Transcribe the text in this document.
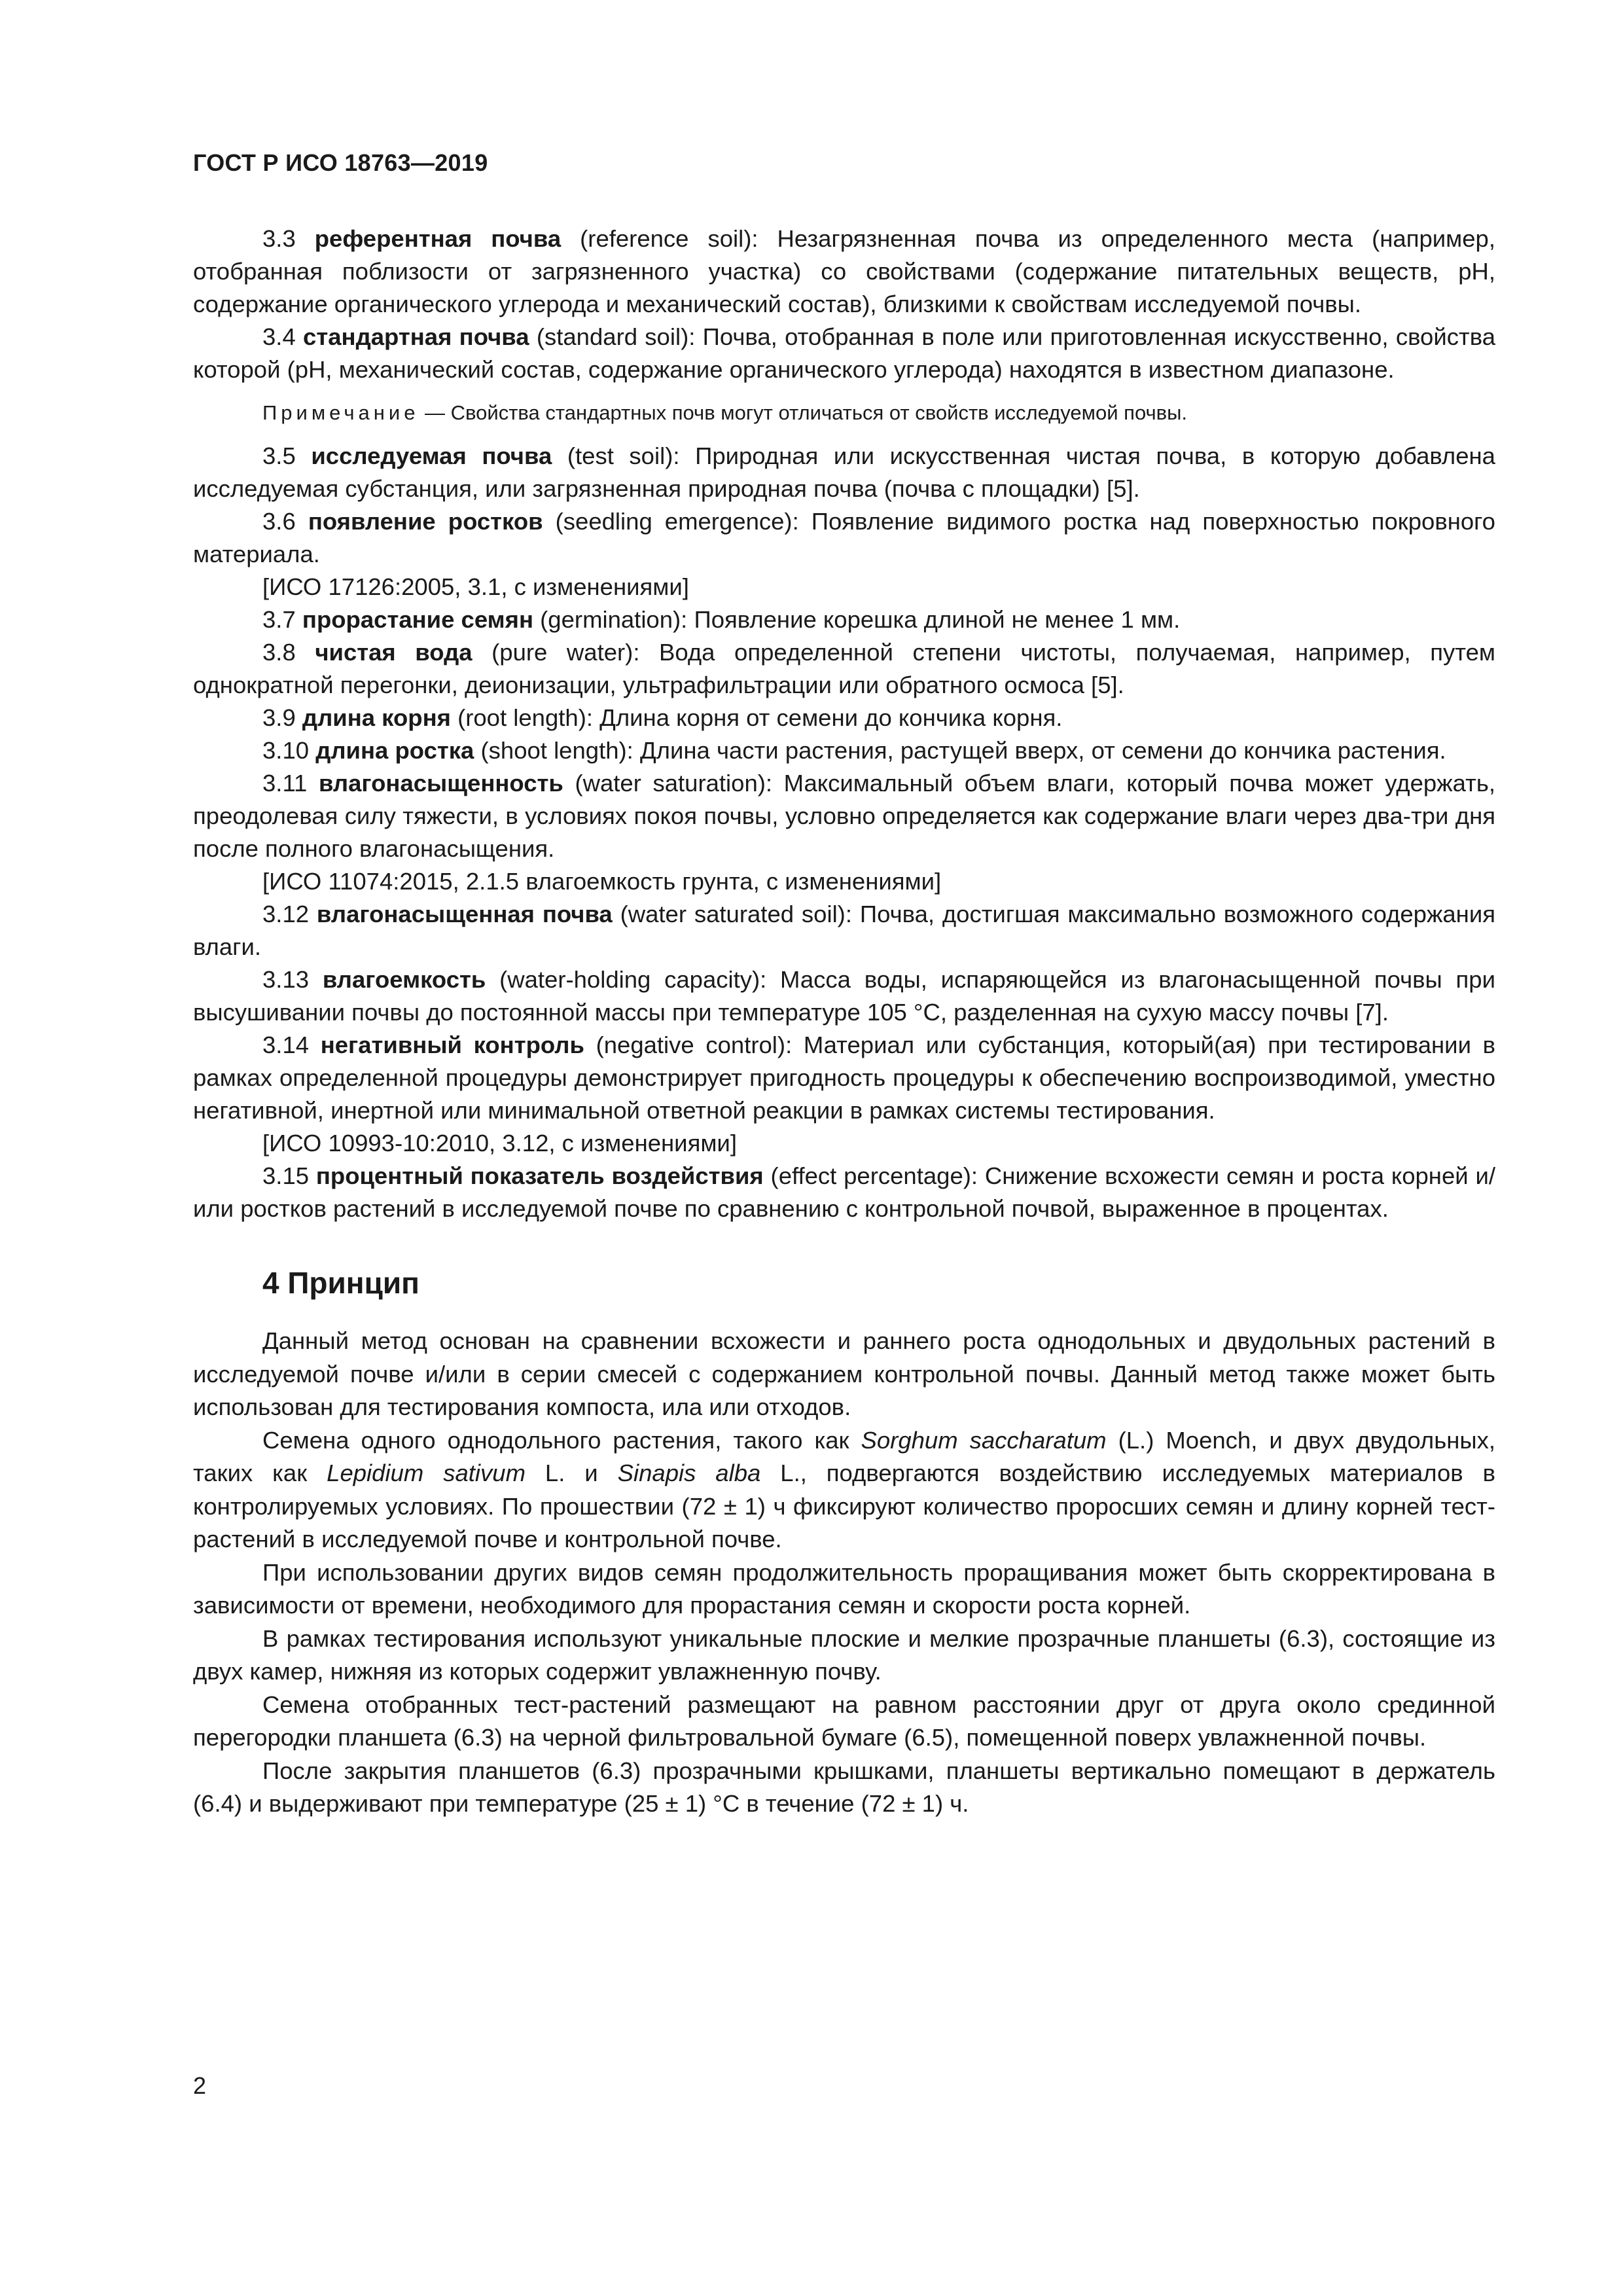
ГОСТ Р ИСО 18763—2019

3.3 референтная почва (reference soil): Незагрязненная почва из определенного места (например, отобранная поблизости от загрязненного участка) со свойствами (содержание питательных веществ, pH, содержание органического углерода и механический состав), близкими к свойствам исследуемой почвы.

3.4 стандартная почва (standard soil): Почва, отобранная в поле или приготовленная искусственно, свойства которой (pH, механический состав, содержание органического углерода) находятся в известном диапазоне.

Примечание — Свойства стандартных почв могут отличаться от свойств исследуемой почвы.

3.5 исследуемая почва (test soil): Природная или искусственная чистая почва, в которую добавлена исследуемая субстанция, или загрязненная природная почва (почва с площадки) [5].

3.6 появление ростков (seedling emergence): Появление видимого ростка над поверхностью покровного материала.

[ИСО 17126:2005, 3.1, с изменениями]

3.7 прорастание семян (germination): Появление корешка длиной не менее 1 мм.

3.8 чистая вода (pure water): Вода определенной степени чистоты, получаемая, например, путем однократной перегонки, деионизации, ультрафильтрации или обратного осмоса [5].

3.9 длина корня (root length): Длина корня от семени до кончика корня.

3.10 длина ростка (shoot length): Длина части растения, растущей вверх, от семени до кончика растения.

3.11 влагонасыщенность (water saturation): Максимальный объем влаги, который почва может удержать, преодолевая силу тяжести, в условиях покоя почвы, условно определяется как содержание влаги через два-три дня после полного влагонасыщения.

[ИСО 11074:2015, 2.1.5 влагоемкость грунта, с изменениями]

3.12 влагонасыщенная почва (water saturated soil): Почва, достигшая максимально возможного содержания влаги.

3.13 влагоемкость (water-holding capacity): Масса воды, испаряющейся из влагонасыщенной почвы при высушивании почвы до постоянной массы при температуре 105 °С, разделенная на сухую массу почвы [7].

3.14 негативный контроль (negative control): Материал или субстанция, который(ая) при тестировании в рамках определенной процедуры демонстрирует пригодность процедуры к обеспечению воспроизводимой, уместно негативной, инертной или минимальной ответной реакции в рамках системы тестирования.

[ИСО 10993-10:2010, 3.12, с изменениями]

3.15 процентный показатель воздействия (effect percentage): Снижение всхожести семян и роста корней и/или ростков растений в исследуемой почве по сравнению с контрольной почвой, выраженное в процентах.

4 Принцип

Данный метод основан на сравнении всхожести и раннего роста однодольных и двудольных растений в исследуемой почве и/или в серии смесей с содержанием контрольной почвы. Данный метод также может быть использован для тестирования компоста, ила или отходов.

Семена одного однодольного растения, такого как Sorghum saccharatum (L.) Moench, и двух двудольных, таких как Lepidium sativum L. и Sinapis alba L., подвергаются воздействию исследуемых материалов в контролируемых условиях. По прошествии (72 ± 1) ч фиксируют количество проросших семян и длину корней тест-растений в исследуемой почве и контрольной почве.

При использовании других видов семян продолжительность проращивания может быть скорректирована в зависимости от времени, необходимого для прорастания семян и скорости роста корней.

В рамках тестирования используют уникальные плоские и мелкие прозрачные планшеты (6.3), состоящие из двух камер, нижняя из которых содержит увлажненную почву.

Семена отобранных тест-растений размещают на равном расстоянии друг от друга около срединной перегородки планшета (6.3) на черной фильтровальной бумаге (6.5), помещенной поверх увлажненной почвы.

После закрытия планшетов (6.3) прозрачными крышками, планшеты вертикально помещают в держатель (6.4) и выдерживают при температуре (25 ± 1) °С в течение (72 ± 1) ч.

2
